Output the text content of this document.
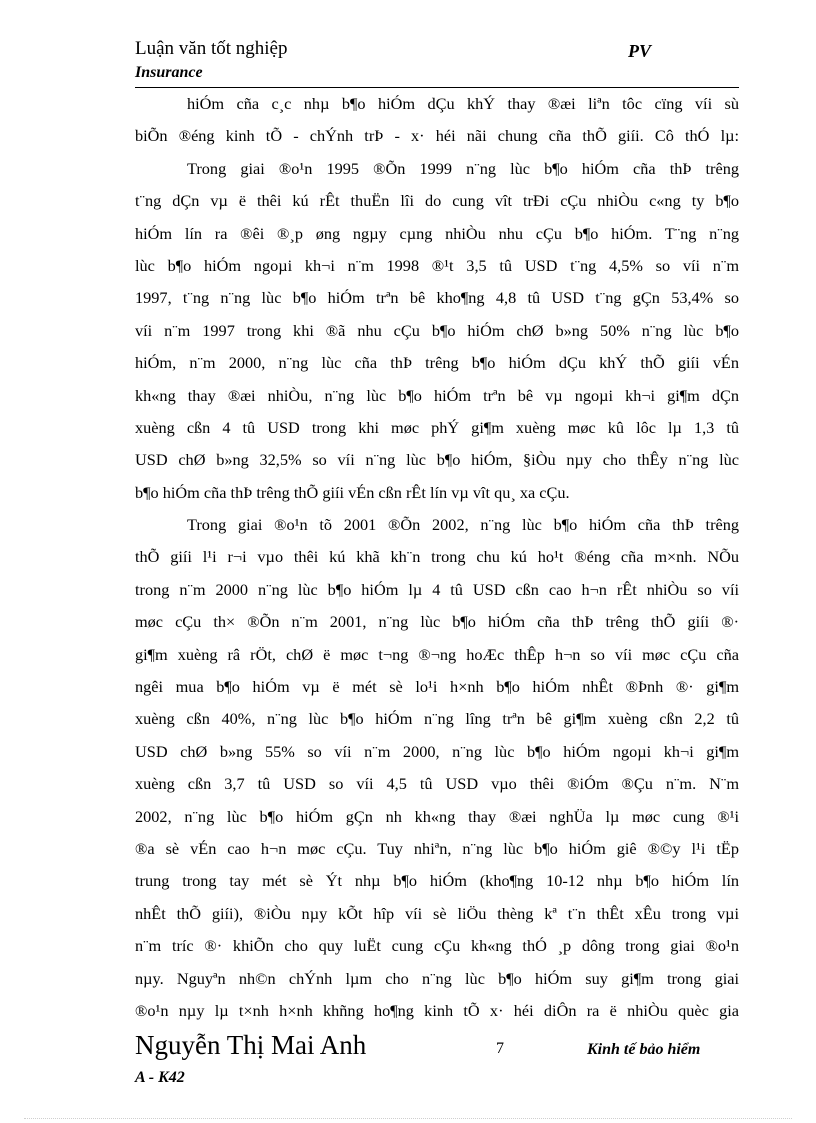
Luận văn tốt nghiệp
Insurance
PV
hiÓm cña c¸c nhµ b¶o hiÓm dÇu khÝ thay ®æi liªn tôc cïng víi sù
biÕn ®éng kinh tÕ - chÝnh trÞ - x· héi nãi chung cña thÕ giíi. Cô thÓ lµ:
Trong giai ®o¹n 1995 ®Õn 1999 n¨ng lùc b¶o hiÓm cña thÞ trêng
t¨ng dÇn vµ ë thêi kú rÊt thuËn lîi do cung vît trÐi cÇu nhiÒu c«ng ty b¶o
hiÓm lín ra ®êi ®¸p øng ngµy cµng nhiÒu nhu cÇu b¶o hiÓm. T¨ng n¨ng
lùc b¶o hiÓm ngoµi kh¬i n¨m 1998 ®¹t 3,5 tû USD t¨ng 4,5% so víi n¨m
1997, t¨ng n¨ng lùc b¶o hiÓm trªn bê kho¶ng 4,8 tû USD t¨ng gÇn 53,4% so
víi n¨m 1997 trong khi ®ã nhu cÇu b¶o hiÓm chØ b»ng 50% n¨ng lùc b¶o
hiÓm, n¨m 2000, n¨ng lùc cña thÞ trêng b¶o hiÓm dÇu khÝ thÕ giíi vÉn
kh«ng thay ®æi nhiÒu, n¨ng lùc b¶o hiÓm trªn bê vµ ngoµi kh¬i gi¶m dÇn
xuèng cßn 4 tû USD trong khi møc phÝ gi¶m xuèng møc kû lôc lµ 1,3 tû
USD chØ b»ng 32,5% so víi n¨ng lùc b¶o hiÓm, §iÒu nµy cho thÊy n¨ng lùc
b¶o hiÓm cña thÞ trêng thÕ giíi vÉn cßn rÊt lín vµ vît qu¸ xa cÇu.
Trong giai ®o¹n tõ 2001 ®Õn 2002, n¨ng lùc b¶o hiÓm cña thÞ trêng
thÕ giíi l¹i r¬i vµo thêi kú khã kh¨n trong chu kú ho¹t ®éng cña m×nh. NÕu
trong n¨m 2000 n¨ng lùc b¶o hiÓm lµ 4 tû USD cßn cao h¬n rÊt nhiÒu so víi
møc cÇu th× ®Õn n¨m 2001, n¨ng lùc b¶o hiÓm cña thÞ trêng thÕ giíi ®·
gi¶m xuèng râ rÖt, chØ ë møc t¬ng ®¬ng hoÆc thÊp h¬n so víi møc cÇu cña
ngêi mua b¶o hiÓm vµ ë mét sè lo¹i h×nh b¶o hiÓm nhÊt ®Þnh ®· gi¶m
xuèng cßn 40%, n¨ng lùc b¶o hiÓm n¨ng lîng trªn bê gi¶m xuèng cßn 2,2 tû
USD chØ b»ng 55% so víi n¨m 2000, n¨ng lùc b¶o hiÓm ngoµi kh¬i gi¶m
xuèng cßn 3,7 tû USD so víi 4,5 tû USD vµo thêi ®iÓm ®Çu n¨m. N¨m
2002, n¨ng lùc b¶o hiÓm gÇn nh kh«ng thay ®æi nghÜa lµ møc cung ®¹i
®a sè vÉn cao h¬n møc cÇu. Tuy nhiªn, n¨ng lùc b¶o hiÓm giê ®©y l¹i tËp
trung trong tay mét sè Ýt nhµ b¶o hiÓm (kho¶ng 10-12 nhµ b¶o hiÓm lín
nhÊt thÕ giíi), ®iÒu nµy kÕt hîp víi sè liÖu thèng kª t¨n thÊt xÊu trong vµi
n¨m tríc ®· khiÕn cho quy luËt cung cÇu kh«ng thÓ ¸p dông trong giai ®o¹n
nµy. Nguyªn nh©n chÝnh lµm cho n¨ng lùc b¶o hiÓm suy gi¶m trong giai
®o¹n nµy lµ t×nh h×nh khñng ho¶ng kinh tÕ x· héi diÔn ra ë nhiÒu quèc gia
Nguyễn Thị Mai Anh	7	Kinh tế bảo hiểm
A - K42
